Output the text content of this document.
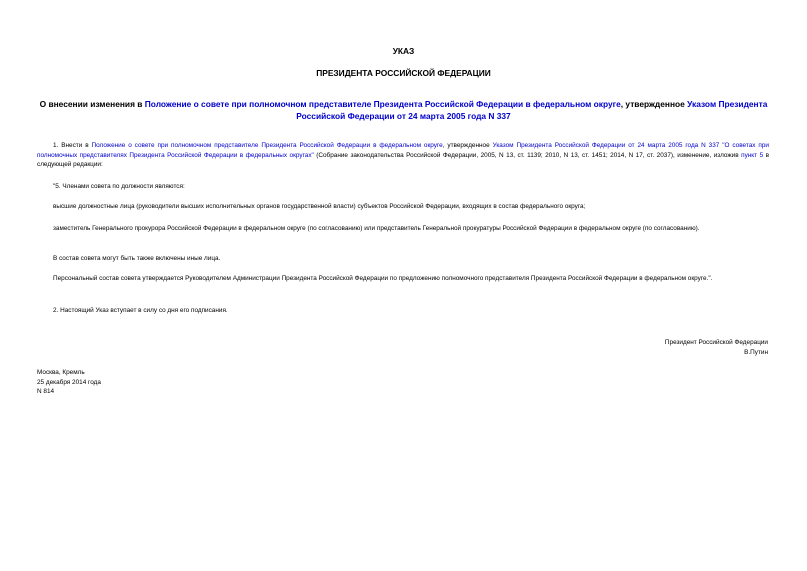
УКАЗ
ПРЕЗИДЕНТА РОССИЙСКОЙ ФЕДЕРАЦИИ
О внесении изменения в Положение о совете при полномочном представителе Президента Российской Федерации в федеральном округе, утвержденное Указом Президента Российской Федерации от 24 марта 2005 года N 337
1. Внести в Положение о совете при полномочном представителе Президента Российской Федерации в федеральном округе, утвержденное Указом Президента Российской Федерации от 24 марта 2005 года N 337 "О советах при полномочных представителях Президента Российской Федерации в федеральных округах" (Собрание законодательства Российской Федерации, 2005, N 13, ст. 1139; 2010, N 13, ст. 1451; 2014, N 17, ст. 2037), изменение, изложив пункт 5 в следующей редакции:
"5. Членами совета по должности являются:
высшие должностные лица (руководители высших исполнительных органов государственной власти) субъектов Российской Федерации, входящих в состав федерального округа;
заместитель Генерального прокурора Российской Федерации в федеральном округе (по согласованию) или представитель Генеральной прокуратуры Российской Федерации в федеральном округе (по согласованию).
В состав совета могут быть также включены иные лица.
Персональный состав совета утверждается Руководителем Администрации Президента Российской Федерации по предложению полномочного представителя Президента Российской Федерации в федеральном округе.".
2. Настоящий Указ вступает в силу со дня его подписания.
Президент Российской Федерации
В.Путин
Москва, Кремль
25 декабря 2014 года
N 814
